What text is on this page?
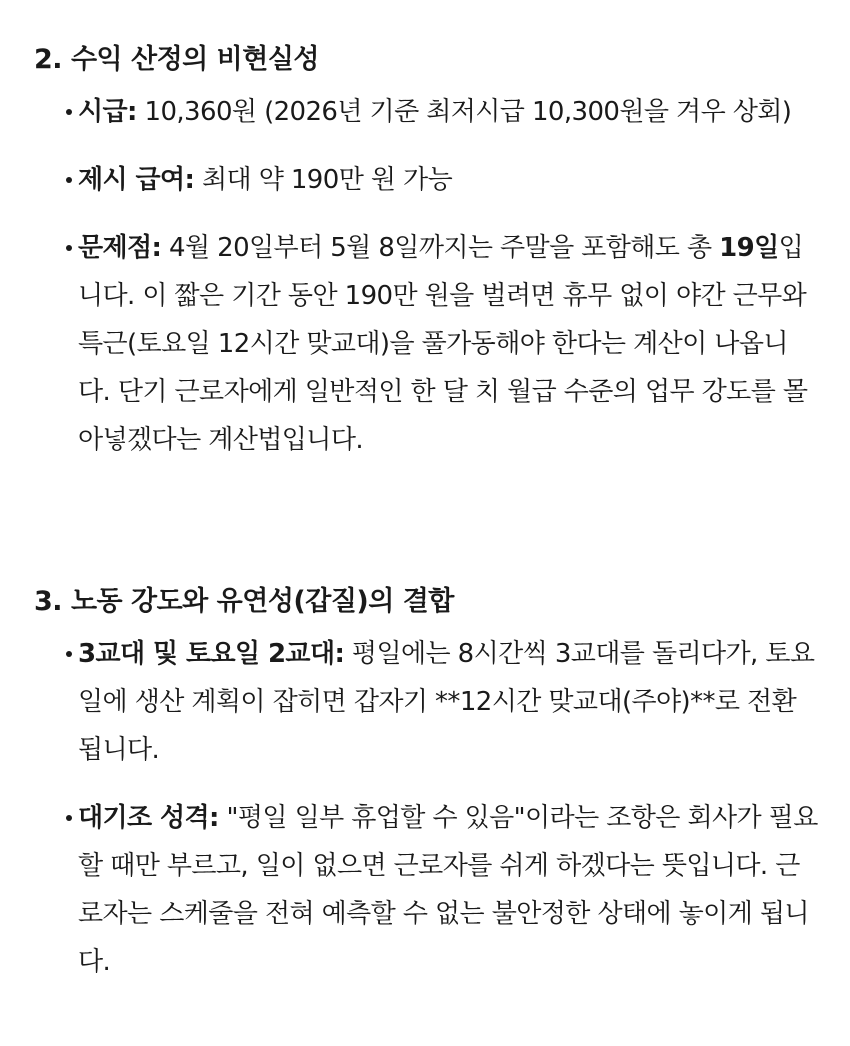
2. 수익 산정의 비현실성
시급: 10,360원 (2026년 기준 최저시급 10,300원을 겨우 상회)
제시 급여: 최대 약 190만 원 가능
문제점: 4월 20일부터 5월 8일까지는 주말을 포함해도 총 19일입니다. 이 짧은 기간 동안 190만 원을 벌려면 휴무 없이 야간 근무와 특근(토요일 12시간 맞교대)을 풀가동해야 한다는 계산이 나옵니다. 단기 근로자에게 일반적인 한 달 치 월급 수준의 업무 강도를 몰아넣겠다는 계산법입니다.
3. 노동 강도와 유연성(갑질)의 결합
3교대 및 토요일 2교대: 평일에는 8시간씩 3교대를 돌리다가, 토요일에 생산 계획이 잡히면 갑자기 **12시간 맞교대(주야)**로 전환됩니다.
대기조 성격: "평일 일부 휴업할 수 있음"이라는 조항은 회사가 필요할 때만 부르고, 일이 없으면 근로자를 쉬게 하겠다는 뜻입니다. 근로자는 스케줄을 전혀 예측할 수 없는 불안정한 상태에 놓이게 됩니다.
